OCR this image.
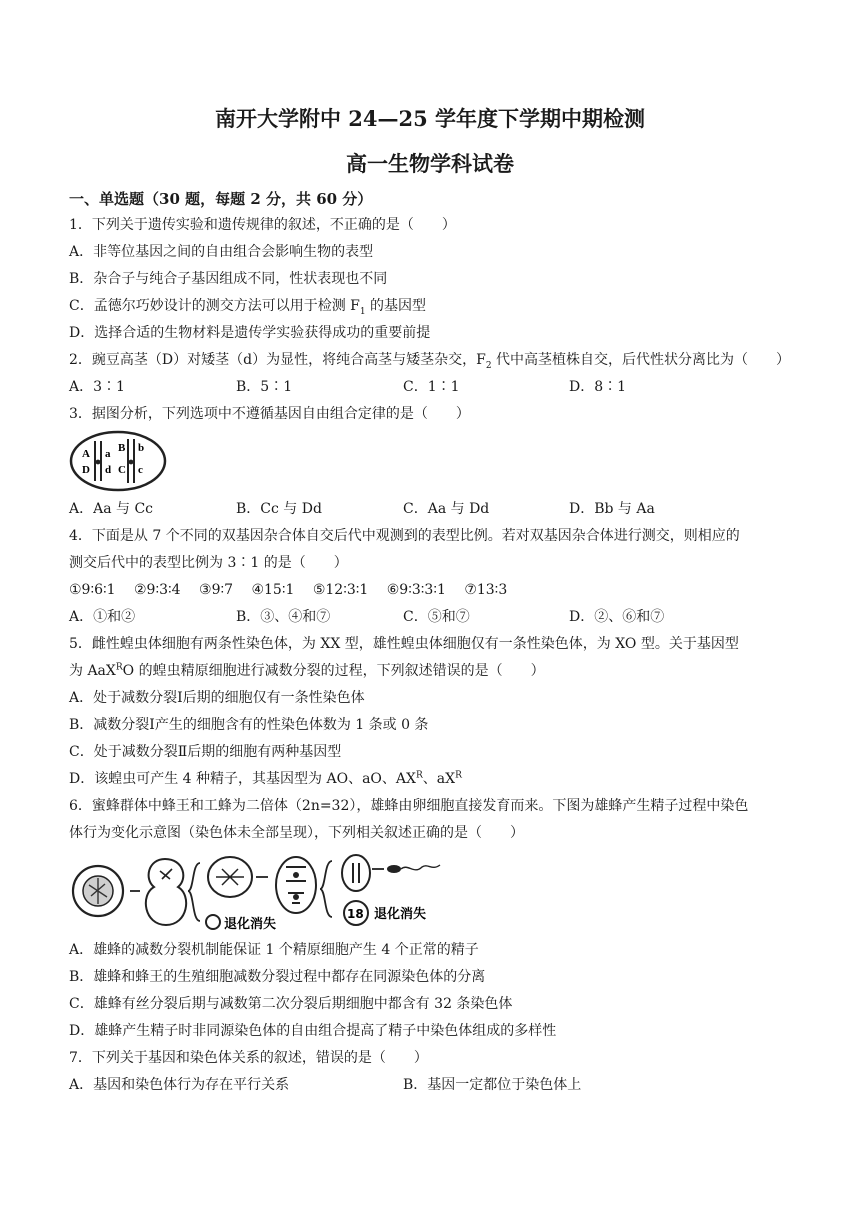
南开大学附中 24—25 学年度下学期中期检测
高一生物学科试卷
一、单选题（30 题，每题 2 分，共 60 分）
1．下列关于遗传实验和遗传规律的叙述，不正确的是（　　）
A．非等位基因之间的自由组合会影响生物的表型
B．杂合子与纯合子基因组成不同，性状表现也不同
C．孟德尔巧妙设计的测交方法可以用于检测 $F_1$ 的基因型
D．选择合适的生物材料是遗传学实验获得成功的重要前提
2．豌豆高茎（D）对矮茎（d）为显性，将纯合高茎与矮茎杂交，$F_2$ 代中高茎植株自交，后代性状分离比为（　　）
A．3∶1	B．5∶1	C．1∶1	D．8∶1
3．据图分析，下列选项中不遵循基因自由组合定律的是（　　）
A a
D d
B b
C c
A．Aa 与 Cc	B．Cc 与 Dd	C．Aa 与 Dd	D．Bb 与 Aa
4．下面是从 7 个不同的双基因杂合体自交后代中观测到的表型比例。若对双基因杂合体进行测交，则相应的
测交后代中的表型比例为 3∶1 的是（　　）
①9∶6∶1　 ②9∶3∶4　 ③9∶7　 ④15∶1　 ⑤12∶3∶1　 ⑥9∶3∶3∶1　 ⑦13∶3
A．①和②	B．③、④和⑦	C．⑤和⑦	D．②、⑥和⑦
5．雌性蝗虫体细胞有两条性染色体，为 XX 型，雄性蝗虫体细胞仅有一条性染色体，为 XO 型。关于基因型
为 AaX$^R$O 的蝗虫精原细胞进行减数分裂的过程，下列叙述错误的是（　　）
A．处于减数分裂Ⅰ后期的细胞仅有一条性染色体
B．减数分裂Ⅰ产生的细胞含有的性染色体数为 1 条或 0 条
C．处于减数分裂Ⅱ后期的细胞有两种基因型
D．该蝗虫可产生 4 种精子，其基因型为 AO、aO、$AX^R$、$aX^R$
6．蜜蜂群体中蜂王和工蜂为二倍体（2n=32），雄蜂由卵细胞直接发育而来。下图为雄蜂产生精子过程中染色
体行为变化示意图（染色体未全部呈现），下列相关叙述正确的是（　　）
退化消失
18 退化消失
A．雄蜂的减数分裂机制能保证 1 个精原细胞产生 4 个正常的精子
B．雄蜂和蜂王的生殖细胞减数分裂过程中都存在同源染色体的分离
C．雄蜂有丝分裂后期与减数第二次分裂后期细胞中都含有 32 条染色体
D．雄蜂产生精子时非同源染色体的自由组合提高了精子中染色体组成的多样性
7．下列关于基因和染色体关系的叙述，错误的是（　　）
A．基因和染色体行为存在平行关系	B．基因一定都位于染色体上
